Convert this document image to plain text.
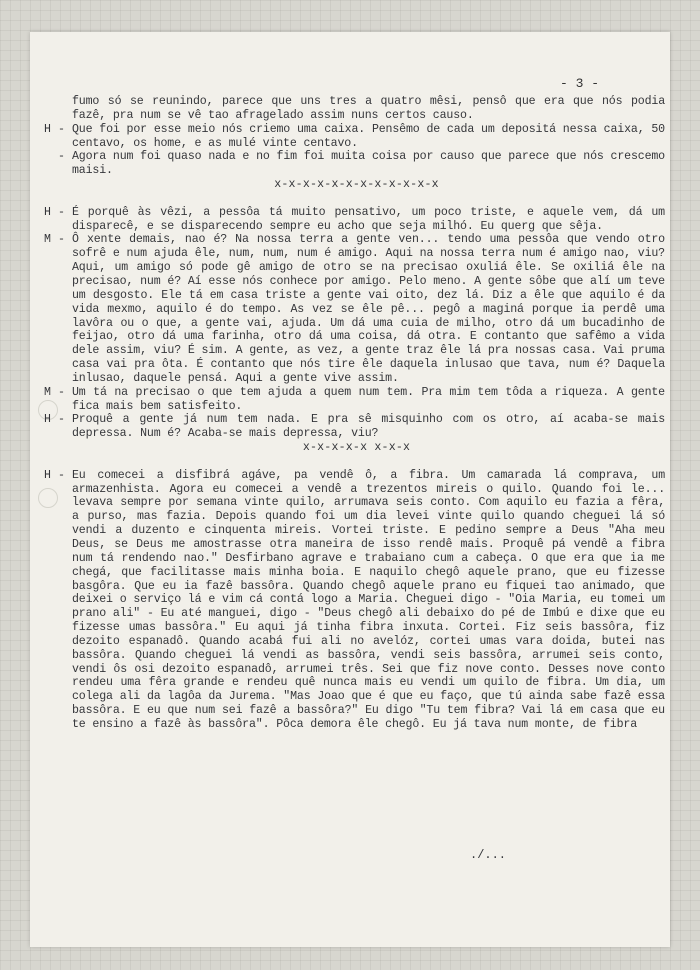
- 3 -
fumo só se reunindo, parece que uns tres a quatro mêsi, pensô que era que nós podia fazê, pra num se vê tao afragelado assim nuns certos causo.
H - Que foi por esse meio nós criemo uma caixa. Pensêmo de cada um depositá nessa caixa, 50 centavo, os home, e as mulé vinte centavo.
- Agora num foi quaso nada e no fim foi muita coisa por causo que parece que nós crescemo maisi.
x-x-x-x-x-x-x-x-x-x-x-x
H - É porquê às vêzi, a pessôa tá muito pensativo, um poco triste, e aquele vem, dá um disparecê, e se disparecendo sempre eu acho que seja milhó. Eu querg que sêja.
M - Ô xente demais, nao é? Na nossa terra a gente ven... tendo uma pessôa que vendo otro sofrê e num ajuda êle, num, num, num é amigo. Aqui na nossa terra num é amigo nao, viu? Aqui, um amigo só pode gê amigo de otro se na precisao oxuliá êle. Se oxiliá êle na precisao, num é? Aí esse nós conhece por amigo. Pelo meno. A gente sôbe que alí um teve um desgosto. Ele tá em casa triste a gente vai oito, dez lá. Diz a êle que aquilo é da vida mexmo, aquilo é do tempo. As vez se êle pê... pegô a maginá porque ia perdê uma lavôra ou o que, a gente vai, ajuda. Um dá uma cuia de milho, otro dá um bucadinho de feijao, otro dá uma farinha, otro dá uma coisa, dá otra. E contanto que safêmo a vida dele assim, viu? É sim. A gente, as vez, a gente traz êle lá pra nossas casa. Vai pruma casa vai pra ôta. É contanto que nós tire êle daquela inlusao que tava, num é? Daquela inlusao, daquele pensá. Aqui a gente vive assim.
M - Um tá na precisao o que tem ajuda a quem num tem. Pra mim tem tôda a riqueza. A gente fica mais bem satisfeito.
H - Proquê a gente já num tem nada. E pra sê misquinho com os otro, aí acaba-se mais depressa. Num é? Acaba-se mais depressa, viu?
x-x-x-x-x x-x-x
H - Eu comecei a disfibrá agáve, pa vendê ô, a fibra. Um camarada lá comprava, um armazenhista. Agora eu comecei a vendê a trezentos mireis o quilo. Quando foi le... levava sempre por semana vinte quilo, arrumava seis conto. Com aquilo eu fazia a fêra, a purso, mas fazia. Depois quando foi um dia levei vinte quilo quando cheguei lá só vendi a duzento e cinquenta mireis. Vortei triste. E pedino sempre a Deus "Aha meu Deus, se Deus me amostrasse otra maneira de isso rendê mais. Proquê pá vendê a fibra num tá rendendo nao." Desfirbano agrave e trabaiano cum a cabeça. O que era que ia me chegá, que facilitasse mais minha boia. E naquilo chegô aquele prano, que eu fizesse basgôra. Que eu ia fazê bassôra. Quando chegô aquele prano eu fiquei tao animado, que deixei o serviço lá e vim cá contá logo a Maria. Cheguei digo - "Oia Maria, eu tomei um prano ali" - Eu até manguei, digo - "Deus chegô ali debaixo do pé de Imbú e dixe que eu fizesse umas bassôra." Eu aqui já tinha fibra inxuta. Cortei. Fiz seis bassôra, fiz dezoito espanadô. Quando acabá fui ali no avelóz, cortei umas vara doida, butei nas bassôra. Quando cheguei lá vendi as bassôra, vendi seis bassôra, arrumei seis conto, vendi ôs osi dezoito espanadô, arrumei três. Sei que fiz nove conto. Desses nove conto rendeu uma fêra grande e rendeu quê nunca mais eu vendi um quilo de fibra. Um dia, um colega ali da lagôa da Jurema. "Mas Joao que é que eu faço, que tú ainda sabe fazê essa bassôra. E eu que num sei fazê a bassôra?" Eu digo "Tu tem fibra? Vai lá em casa que eu te ensino a fazê às bassôra". Pôca demora êle chegô. Eu já tava num monte, de fibra
./...
